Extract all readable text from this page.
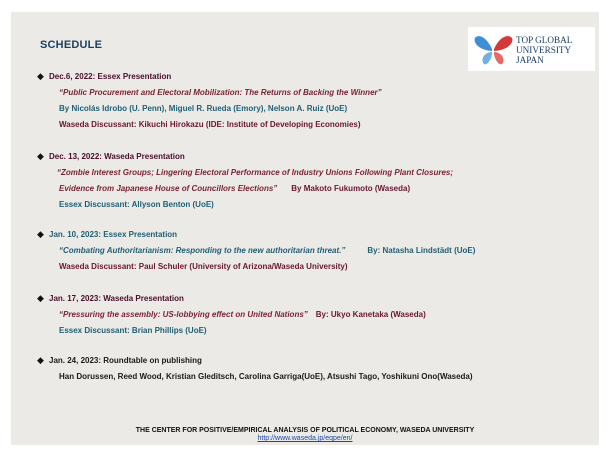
SCHEDULE	TOP GLOBAL
UNIVERSITY
JAPAN
◆ Dec.6, 2022: Essex Presentation
“Public Procurement and Electoral Mobilization: The Returns of Backing the Winner”
By Nicolás Idrobo (U. Penn), Miguel R. Rueda (Emory), Nelson A. Ruiz (UoE)
Waseda Discussant: Kikuchi Hirokazu (IDE: Institute of Developing Economies)
◆ Dec. 13, 2022: Waseda Presentation
“Zombie Interest Groups; Lingering Electoral Performance of Industry Unions Following Plant Closures;
Evidence from Japanese House of Councillors Elections” By Makoto Fukumoto (Waseda)
Essex Discussant: Allyson Benton (UoE)
◆ Jan. 10, 2023: Essex Presentation
“Combating Authoritarianism: Responding to the new authoritarian threat.”	By: Natasha Lindstädt (UoE)
Waseda Discussant: Paul Schuler (University of Arizona/Waseda University)
◆ Jan. 17, 2023: Waseda Presentation
“Pressuring the assembly: US-lobbying effect on United Nations” By: Ukyo Kanetaka (Waseda)
Essex Discussant: Brian Phillips (UoE)
◆ Jan. 24, 2023: Roundtable on publishing
Han Dorussen, Reed Wood, Kristian Gleditsch, Carolina Garriga(UoE), Atsushi Tago, Yoshikuni Ono(Waseda)
THE CENTER FOR POSITIVE/EMPIRICAL ANALYSIS OF POLITICAL ECONOMY, WASEDA UNIVERSITY
http://www.waseda.jp/eqpe/en/
